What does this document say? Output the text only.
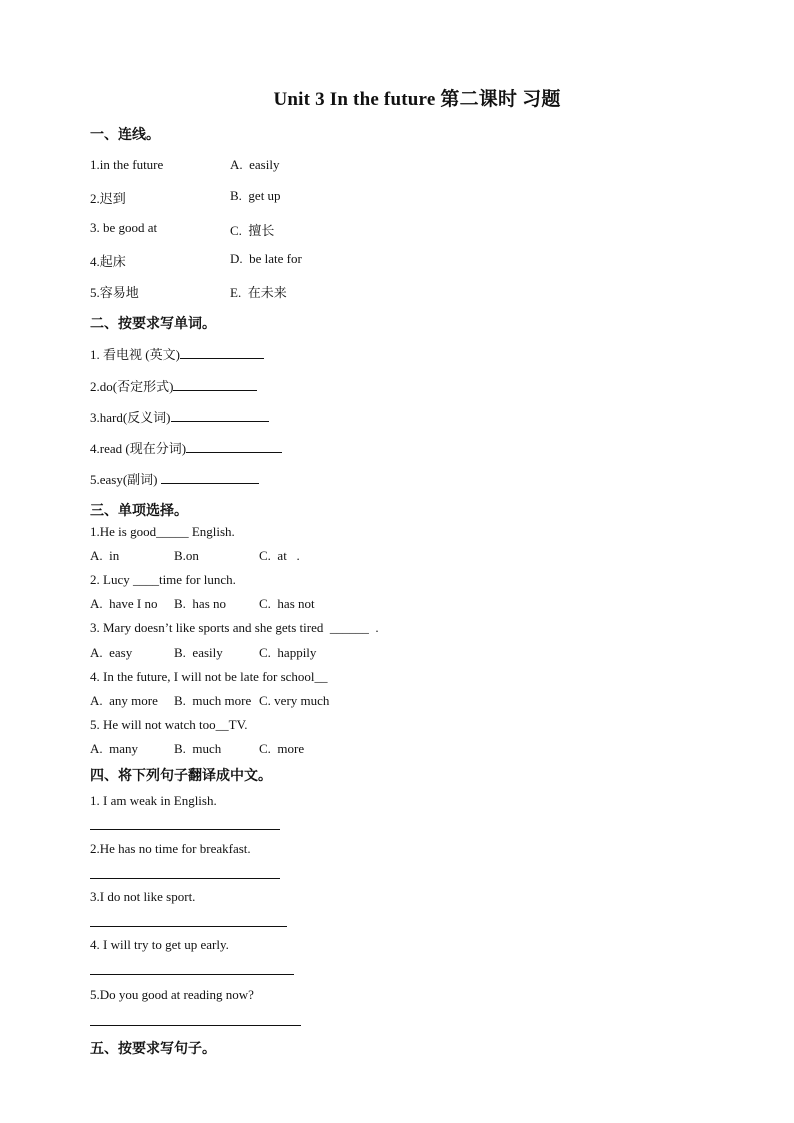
Unit 3 In the future 第二课时 习题
一、连线。
1.in the future	A.  easily
2.迟到	B.  get up
3. be good at	C.  擅长
4.起床	D.  be late for
5.容易地	E.  在未来
二、按要求写单词。
1. 看电视 (英文)
2.do(否定形式)
3.hard(反义词)
4.read (现在分词)
5.easy(副词)
三、单项选择。
1.He is good_____ English.
A.  in	B.on	C.  at   .
2. Lucy ____time for lunch.
A.  have I no B.  has no	C.  has not
3. Mary doesn’t like sports and she gets tired  ______  .
A.  easy	B.  easily	C.  happily
4. In the future, I will not be late for school__
A.  any more B.  much more C. very much
5. He will not watch too__TV.
A.  many	B.  much	C.  more
四、将下列句子翻译成中文。
1. I am weak in English.
2.He has no time for breakfast.
3.I do not like sport.
4. I will try to get up early.
5.Do you good at reading now?
五、按要求写句子。
